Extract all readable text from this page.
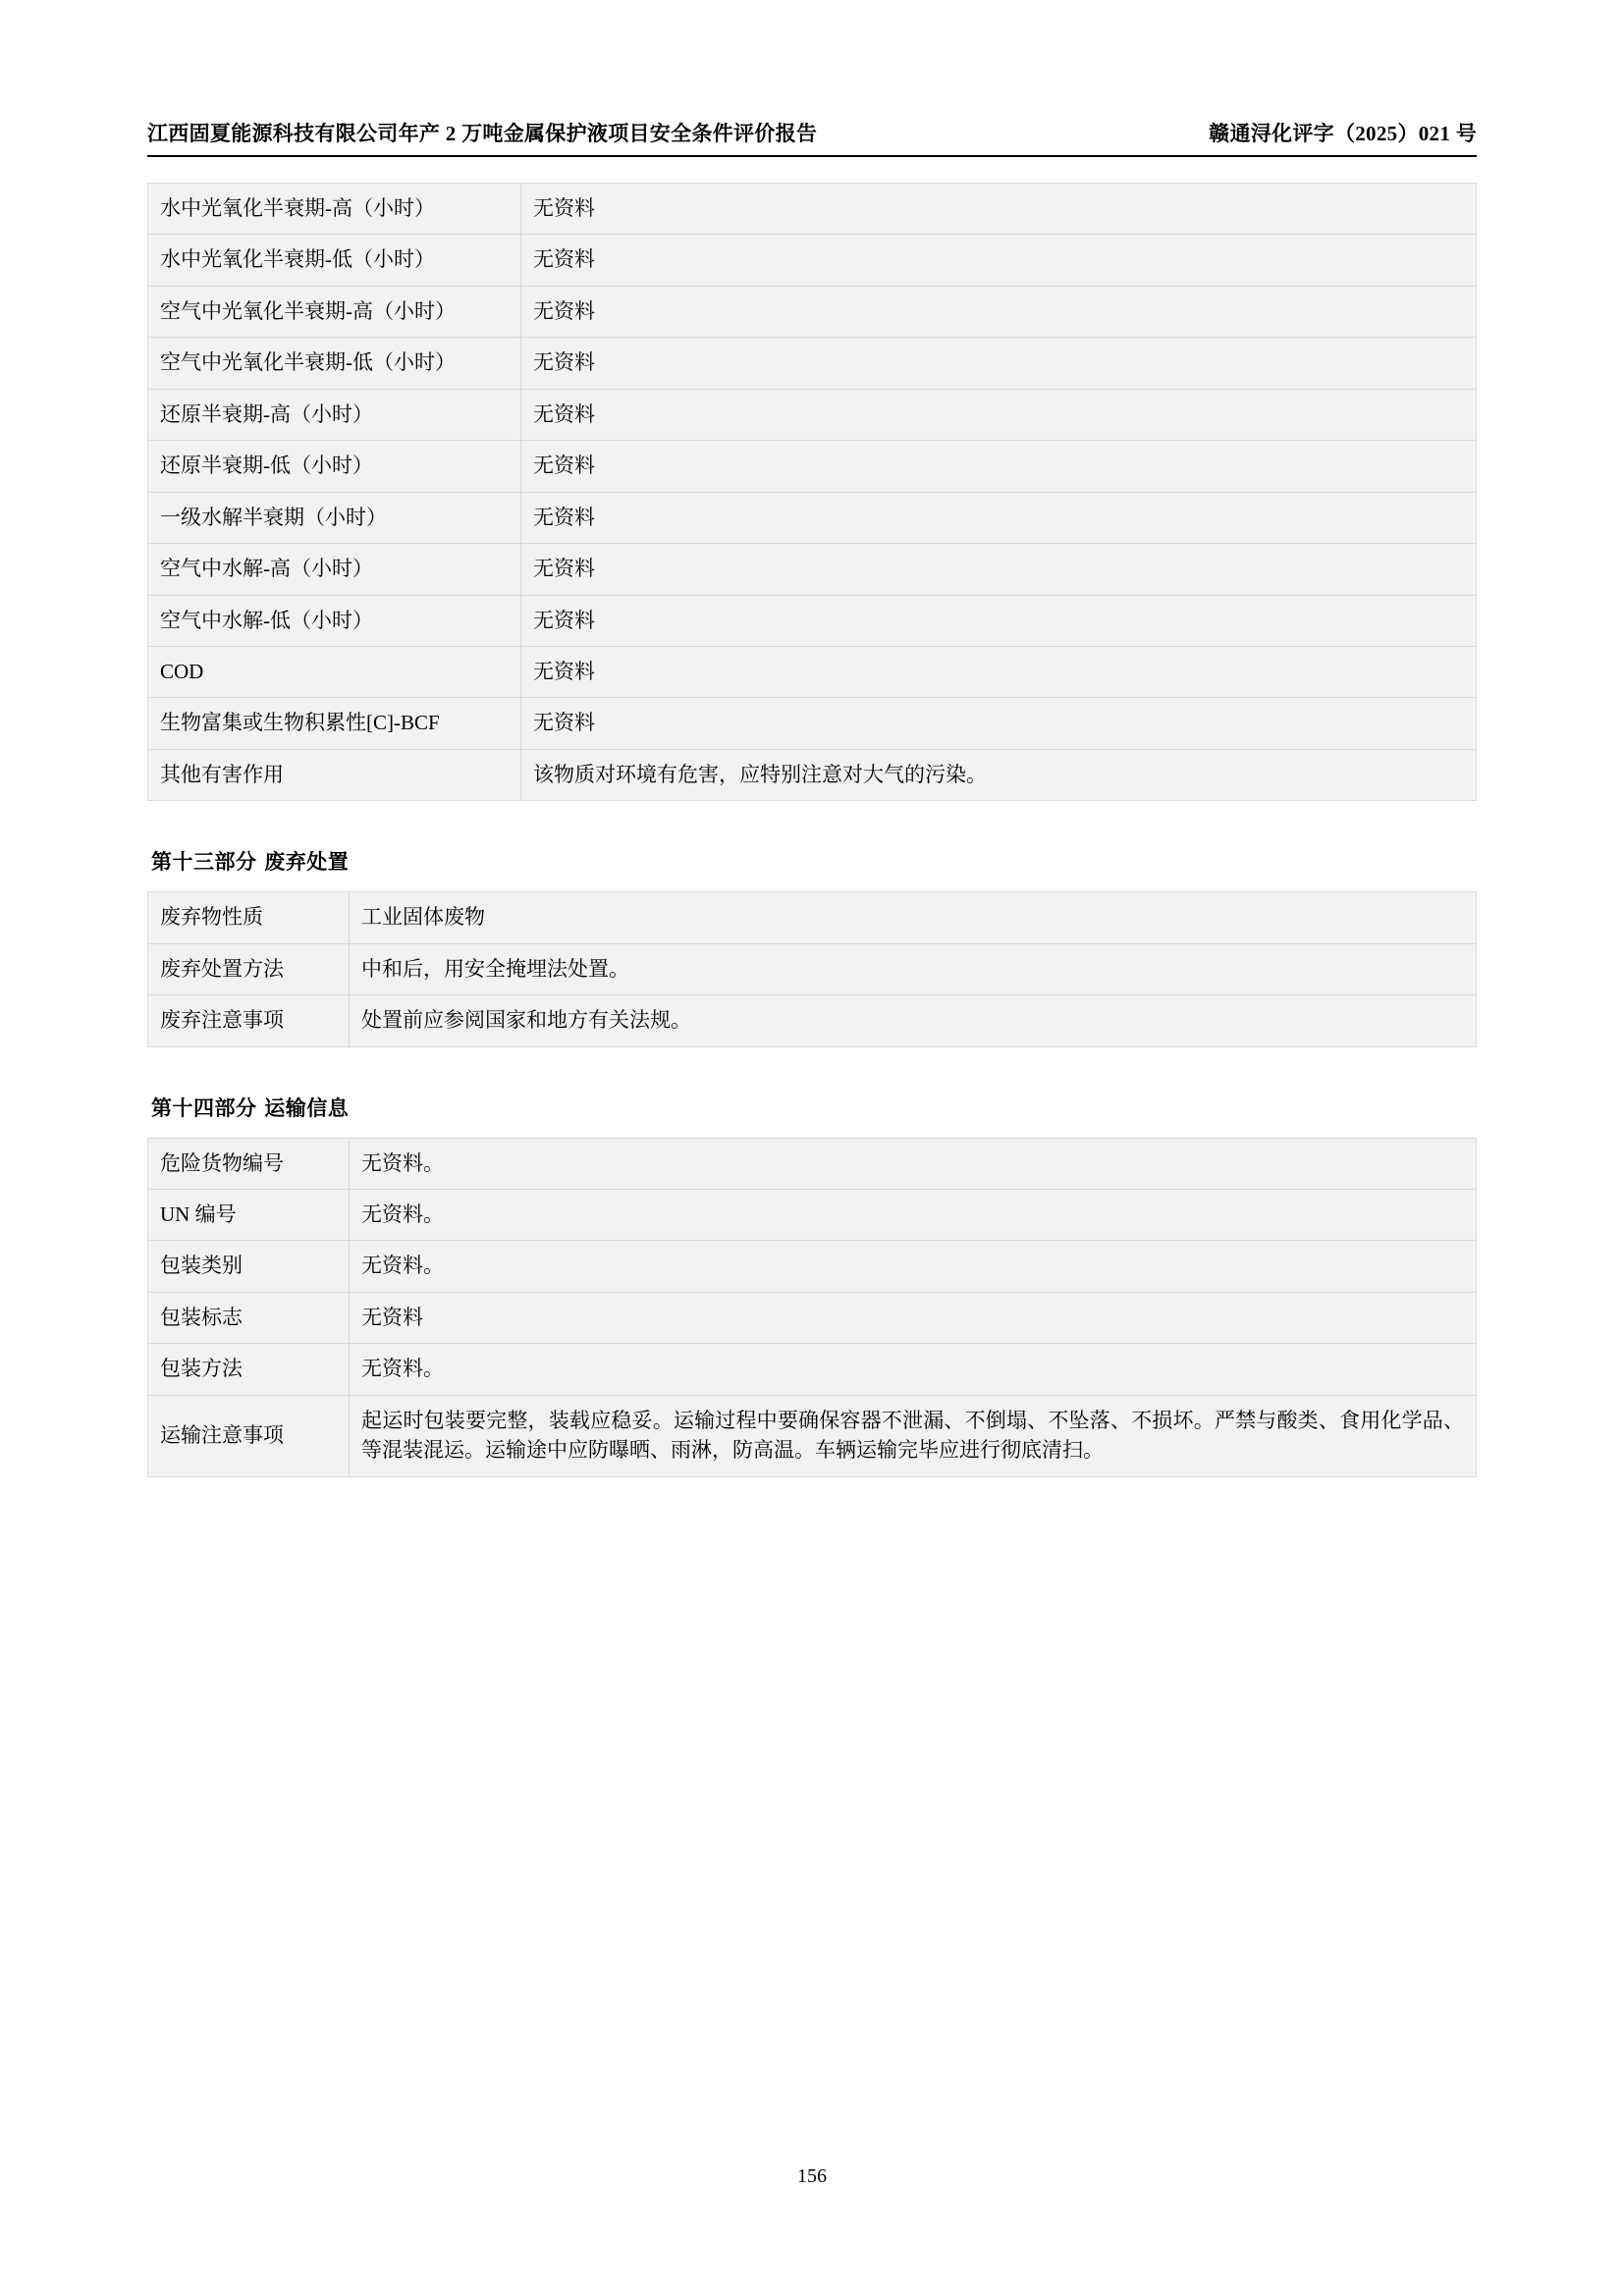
江西固夏能源科技有限公司年产 2 万吨金属保护液项目安全条件评价报告	赣通浔化评字（2025）021 号
水中光氧化半衰期-高（小时）	无资料
水中光氧化半衰期-低（小时）	无资料
空气中光氧化半衰期-高（小时）	无资料
空气中光氧化半衰期-低（小时）	无资料
还原半衰期-高（小时）	无资料
还原半衰期-低（小时）	无资料
一级水解半衰期（小时）	无资料
空气中水解-高（小时）	无资料
空气中水解-低（小时）	无资料
COD	无资料
生物富集或生物积累性[C]-BCF	无资料
其他有害作用	该物质对环境有危害，应特别注意对大气的污染。
第十三部分 废弃处置
废弃物性质	工业固体废物
废弃处置方法	中和后，用安全掩埋法处置。
废弃注意事项	处置前应参阅国家和地方有关法规。
第十四部分 运输信息
危险货物编号	无资料。
UN 编号	无资料。
包装类别	无资料。
包装标志	无资料
包装方法	无资料。
运输注意事项	起运时包装要完整，装载应稳妥。运输过程中要确保容器不泄漏、不倒塌、不坠落、不损坏。严禁与酸类、食用化学品、等混装混运。运输途中应防曝晒、雨淋，防高温。车辆运输完毕应进行彻底清扫。
156
